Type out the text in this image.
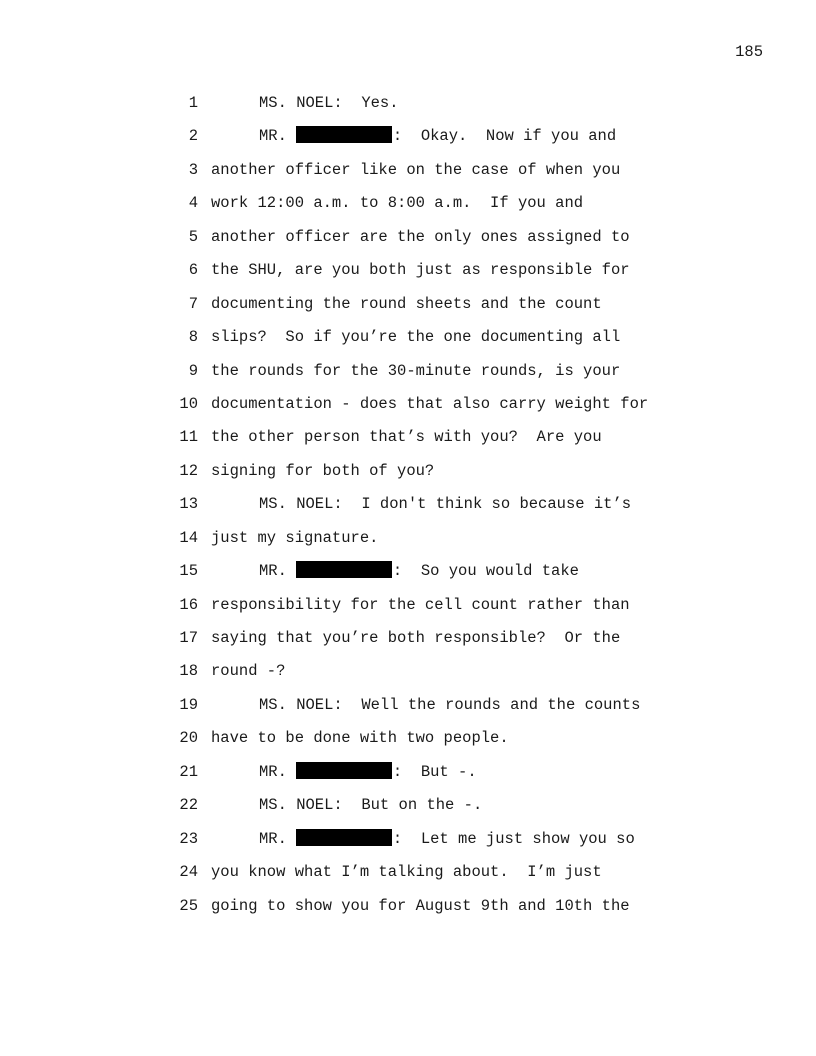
185
1	MS. NOEL: Yes.
2	MR.	:  Okay.  Now if you and
3 another officer like on the case of when you
4 work 12:00 a.m. to 8:00 a.m.  If you and
5 another officer are the only ones assigned to
6 the SHU, are you both just as responsible for
7 documenting the round sheets and the count
8 slips?  So if you’re the one documenting all
9 the rounds for the 30-minute rounds, is your
10 documentation - does that also carry weight for
11 the other person that’s with you?  Are you
12 signing for both of you?
13	MS. NOEL: I don't think so because it’s
14 just my signature.
15	MR.	:  So you would take
16 responsibility for the cell count rather than
17 saying that you’re both responsible?  Or the
18 round -?
19	MS. NOEL: Well the rounds and the counts
20 have to be done with two people.
21	MR.	:  But -.
22	MS. NOEL: But on the -.
23	MR.	:  Let me just show you so
24 you know what I’m talking about.  I’m just
25 going to show you for August 9th and 10th the
